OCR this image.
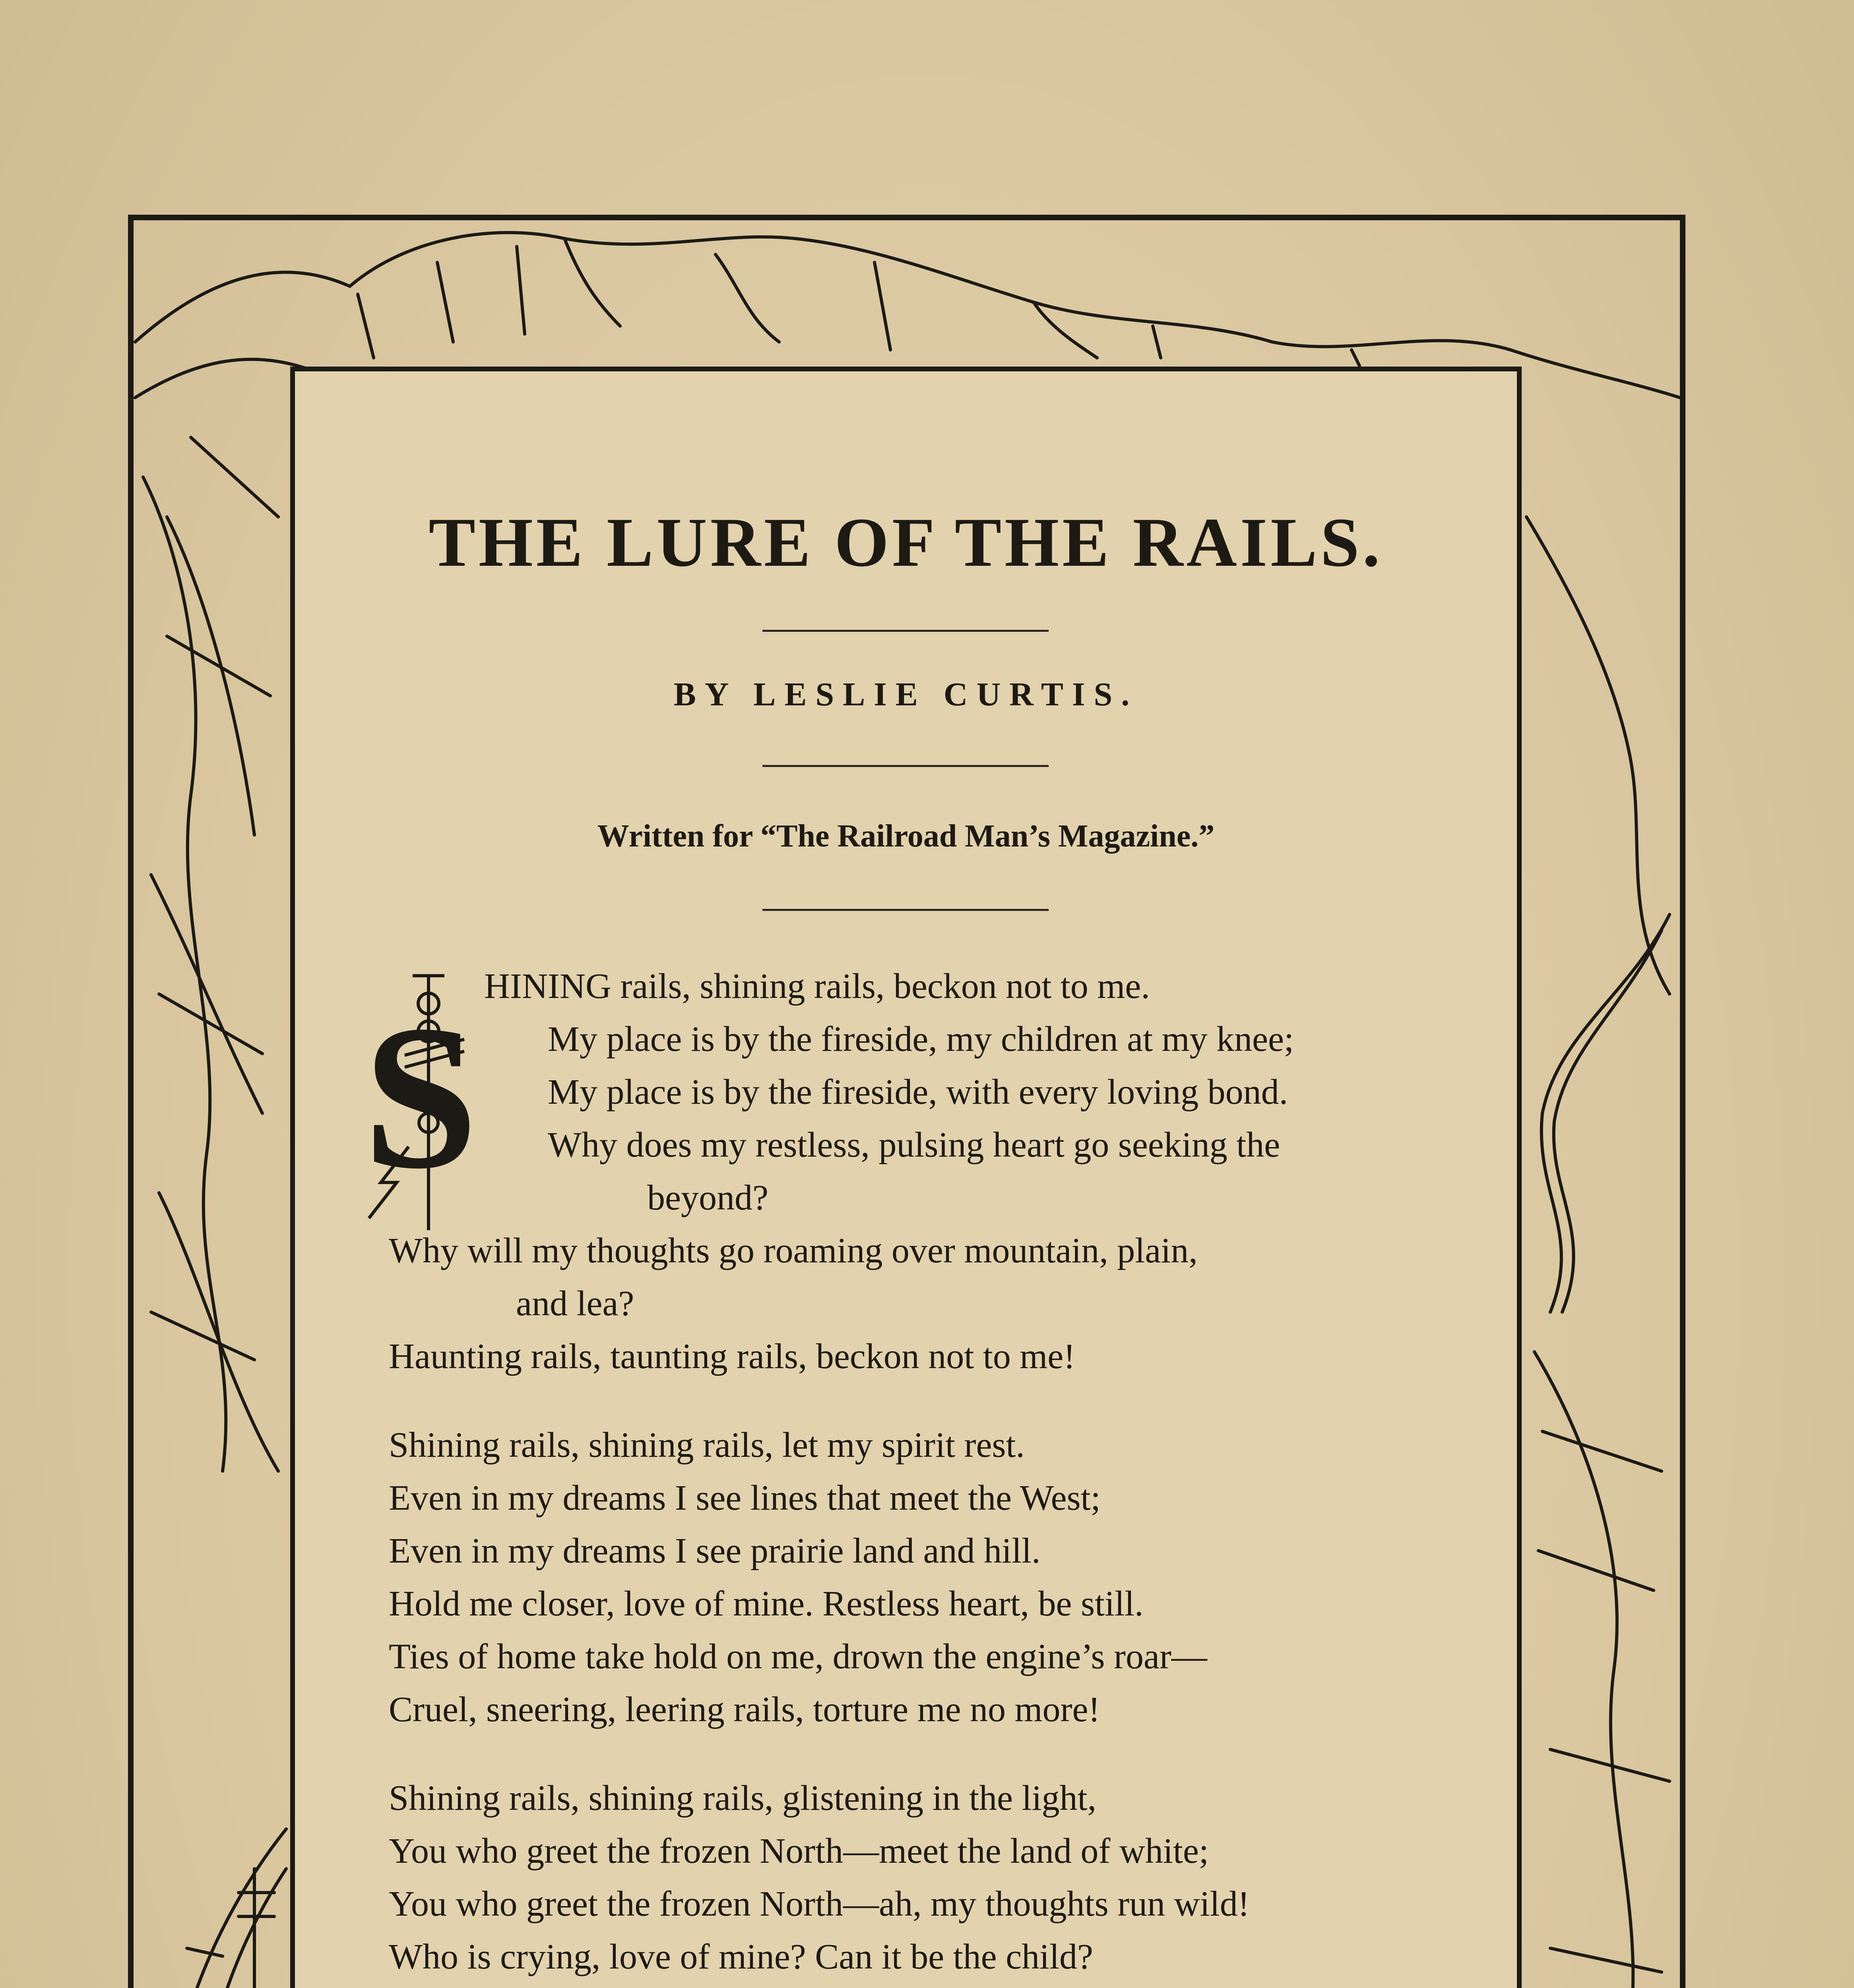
THE LURE OF THE RAILS.
BY LESLIE CURTIS.
Written for “The Railroad Man’s Magazine.”
S HINING rails, shining rails, beckon not to me.
My place is by the fireside, my children at my knee;
My place is by the fireside, with every loving bond.
Why does my restless, pulsing heart go seeking the
beyond?
Why will my thoughts go roaming over mountain, plain,
and lea?
Haunting rails, taunting rails, beckon not to me!
Shining rails, shining rails, let my spirit rest.
Even in my dreams I see lines that meet the West;
Even in my dreams I see prairie land and hill.
Hold me closer, love of mine. Restless heart, be still.
Ties of home take hold on me, drown the engine’s roar—
Cruel, sneering, leering rails, torture me no more!
Shining rails, shining rails, glistening in the light,
You who greet the frozen North—meet the land of white;
You who greet the frozen North—ah, my thoughts run wild!
Who is crying, love of mine? Can it be the child?
